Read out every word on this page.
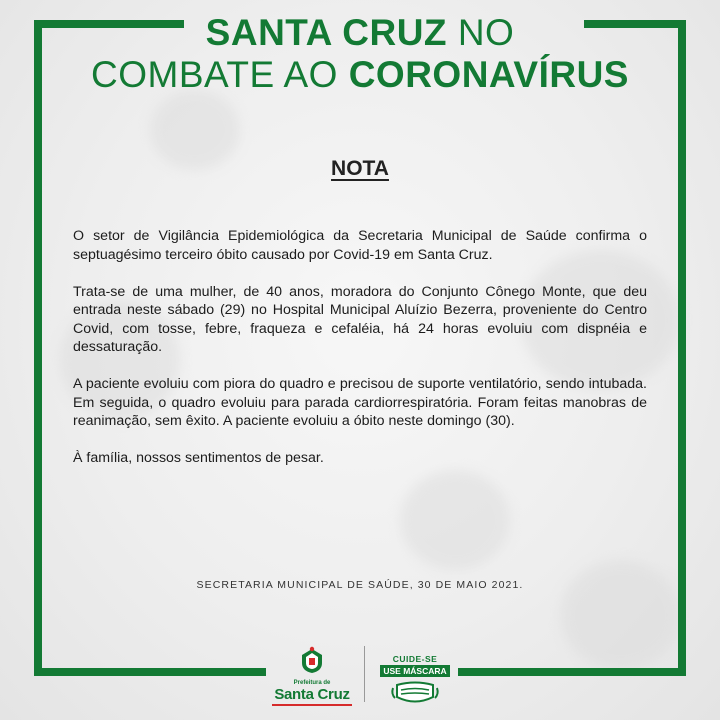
SANTA CRUZ NO
COMBATE AO CORONAVÍRUS
NOTA

O setor de Vigilância Epidemiológica da Secretaria Municipal de Saúde confirma o septuagésimo terceiro óbito causado por Covid-19 em Santa Cruz.

Trata-se de uma mulher, de 40 anos, moradora do Conjunto Cônego Monte, que deu entrada neste sábado (29) no Hospital Municipal Aluízio Bezerra, proveniente do Centro Covid, com tosse, febre, fraqueza e cefaléia, há 24 horas evoluiu com dispnéia e dessaturação.

A paciente evoluiu com piora do quadro e precisou de suporte ventilatório, sendo intubada. Em seguida, o quadro evoluiu para parada cardiorrespiratória. Foram feitas manobras de reanimação, sem êxito. A paciente evoluiu a óbito neste domingo (30).

À família, nossos sentimentos de pesar.

SECRETARIA MUNICIPAL DE SAÚDE, 30 DE MAIO 2021.
Prefeitura de
Santa Cruz
CUIDE-SE
USE MÁSCARA
